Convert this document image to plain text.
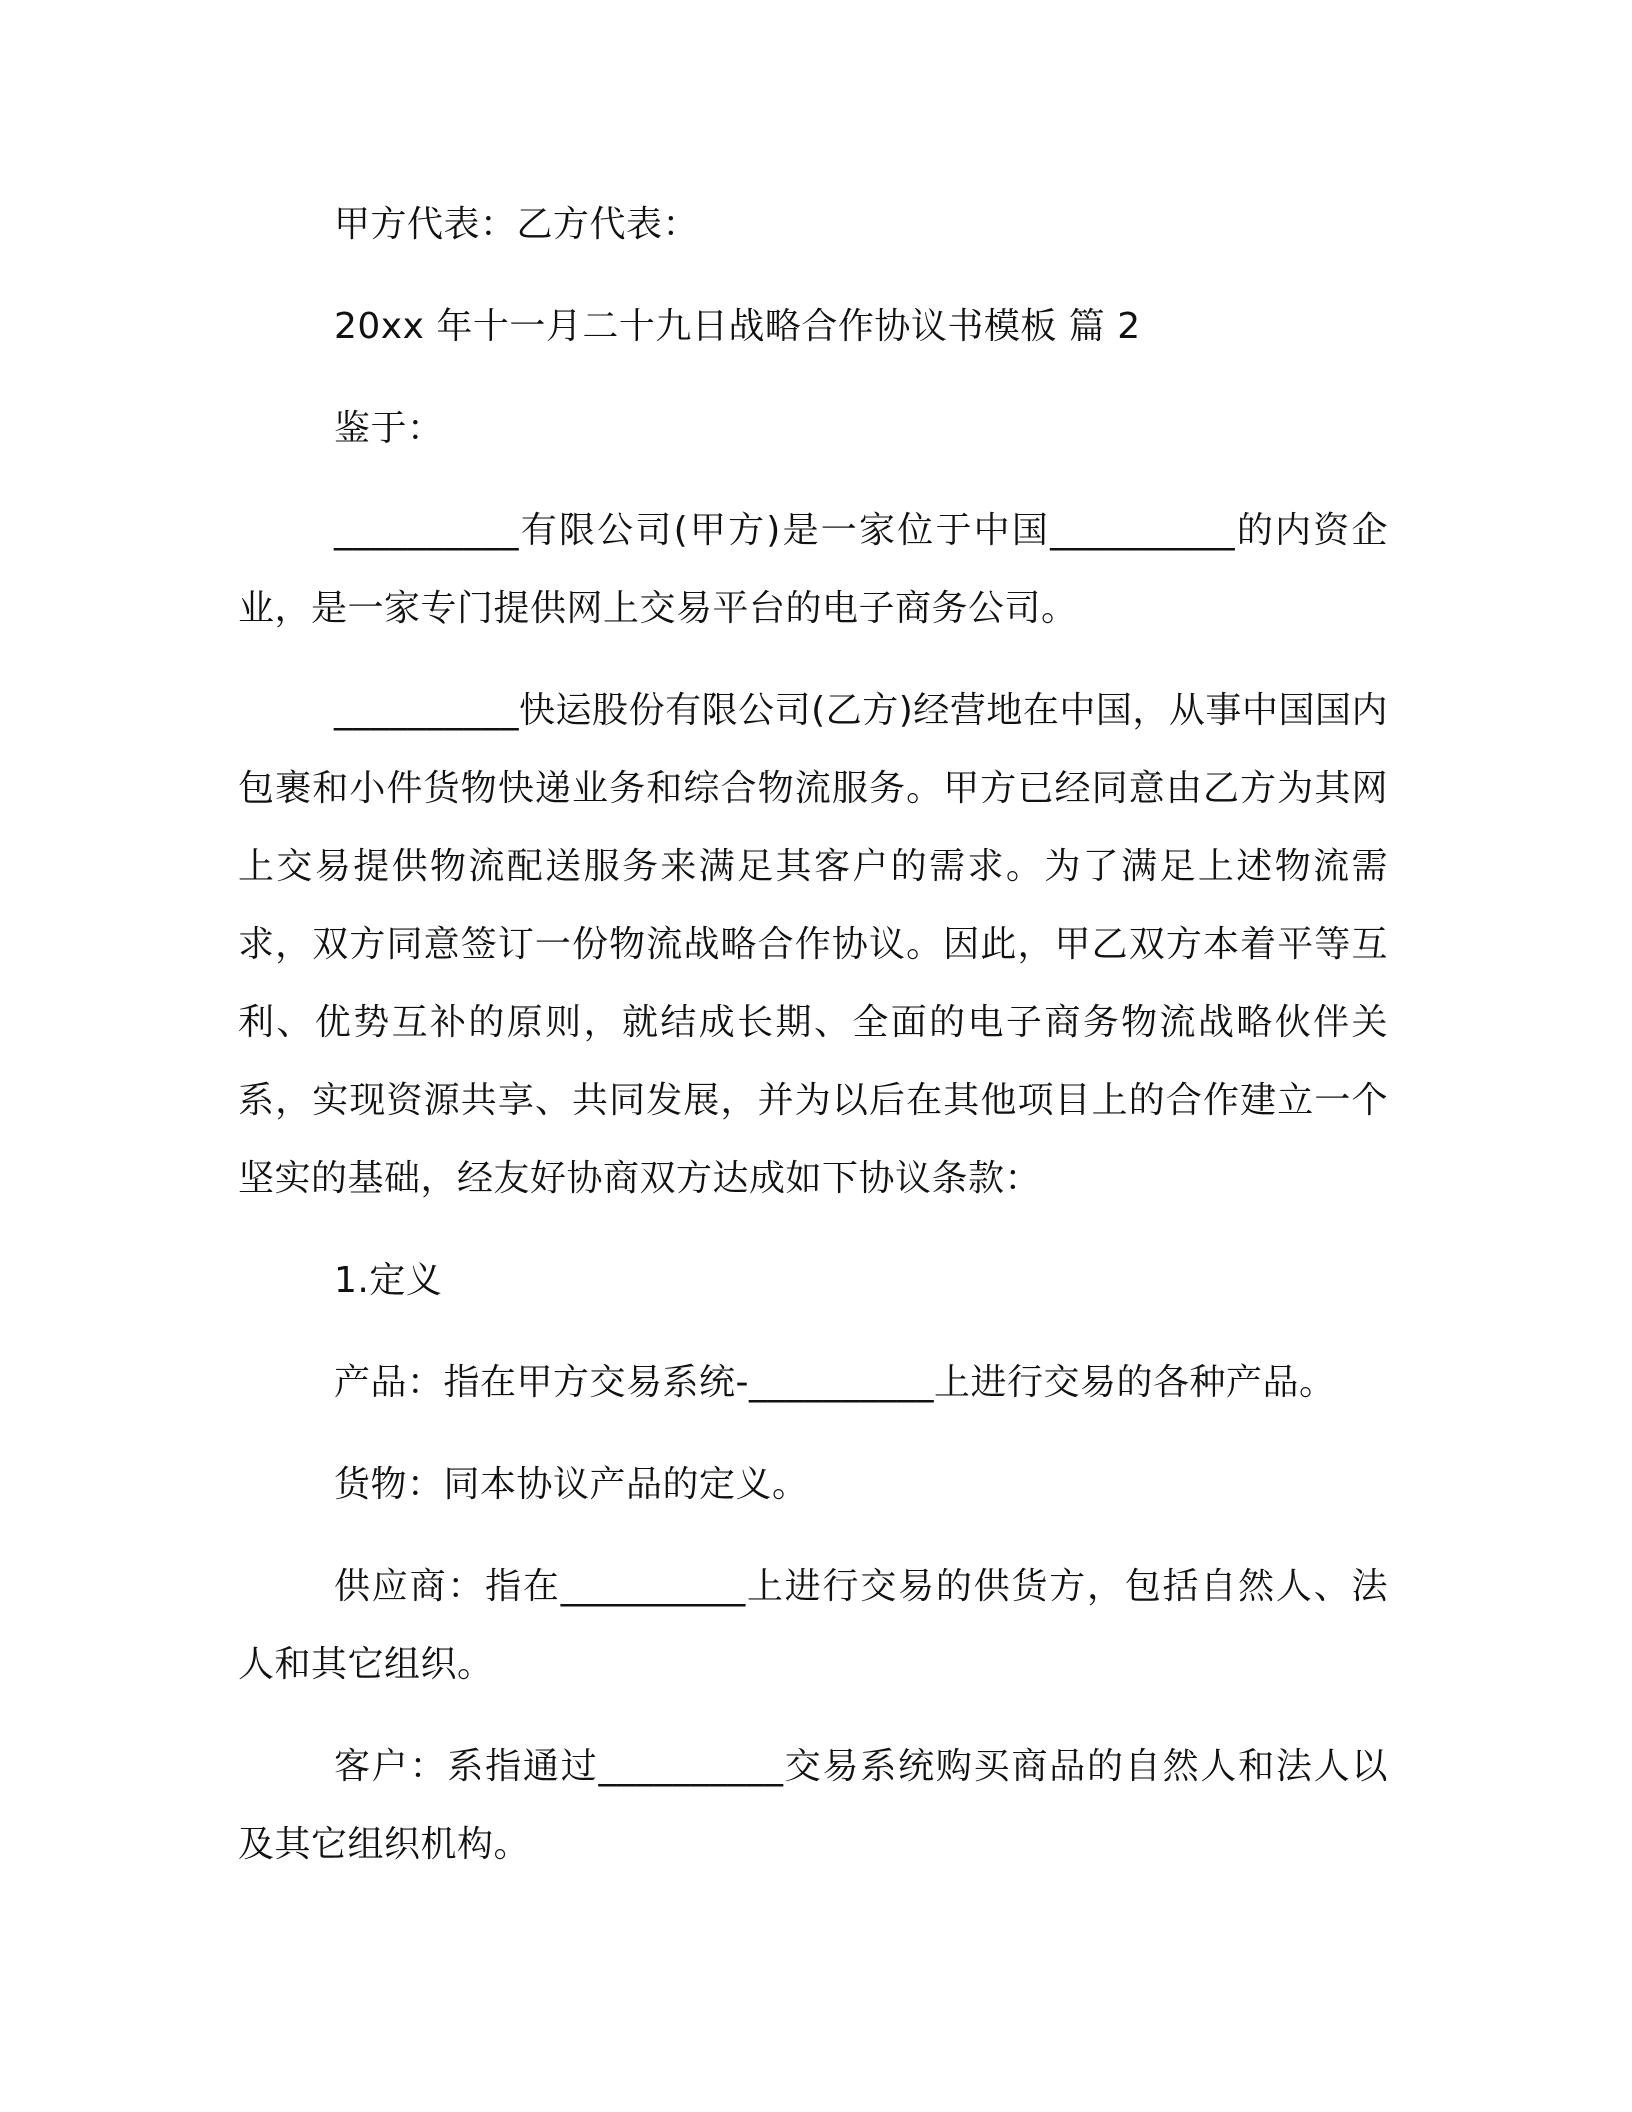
甲方代表：乙方代表：

20xx 年十一月二十九日战略合作协议书模板 篇 2

鉴于：

__________有限公司(甲方)是一家位于中国__________的内资企业，是一家专门提供网上交易平台的电子商务公司。

__________快运股份有限公司(乙方)经营地在中国，从事中国国内包裹和小件货物快递业务和综合物流服务。甲方已经同意由乙方为其网上交易提供物流配送服务来满足其客户的需求。为了满足上述物流需求，双方同意签订一份物流战略合作协议。因此，甲乙双方本着平等互利、优势互补的原则，就结成长期、全面的电子商务物流战略伙伴关系，实现资源共享、共同发展，并为以后在其他项目上的合作建立一个坚实的基础，经友好协商双方达成如下协议条款：

1.定义

产品：指在甲方交易系统-__________上进行交易的各种产品。

货物：同本协议产品的定义。

供应商：指在__________上进行交易的供货方，包括自然人、法人和其它组织。

客户：系指通过__________交易系统购买商品的自然人和法人以及其它组织机构。
